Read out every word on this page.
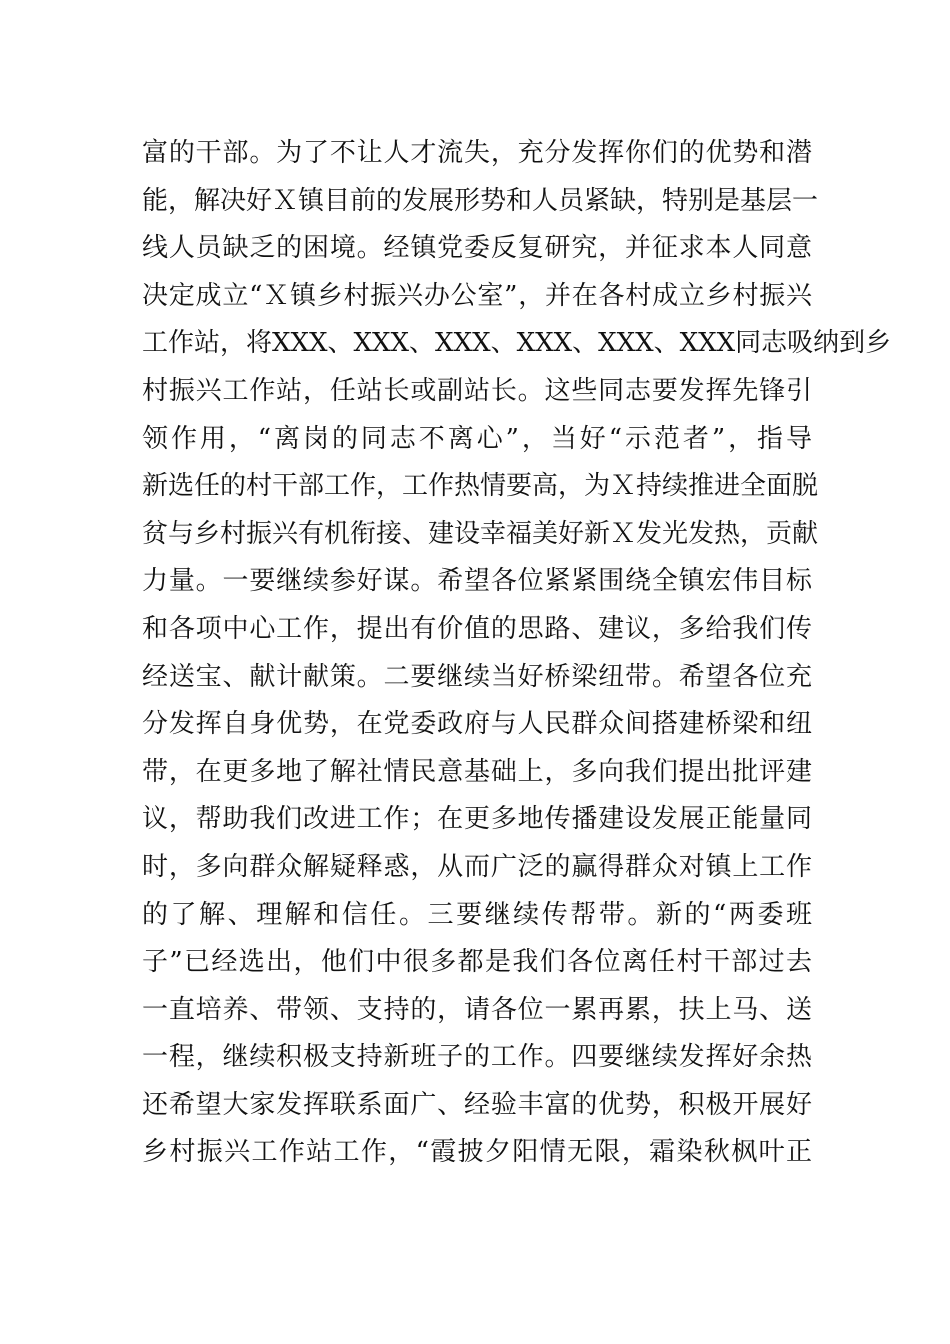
富的干部。为了不让人才流失，充分发挥你们的优势和潜
能，解决好Ｘ镇目前的发展形势和人员紧缺，特别是基层一
线人员缺乏的困境。经镇党委反复研究，并征求本人同意
决定成立“Ｘ镇乡村振兴办公室”，并在各村成立乡村振兴
工作站，将XXX、XXX、XXX、XXX、XXX、XXX同志吸纳到乡
村振兴工作站，任站长或副站长。这些同志要发挥先锋引
领作用，“离岗的同志不离心”，当好“示范者”，指导
新选任的村干部工作，工作热情要高，为Ｘ持续推进全面脱
贫与乡村振兴有机衔接、建设幸福美好新Ｘ发光发热，贡献
力量。一要继续参好谋。希望各位紧紧围绕全镇宏伟目标
和各项中心工作，提出有价值的思路、建议，多给我们传
经送宝、献计献策。二要继续当好桥梁纽带。希望各位充
分发挥自身优势，在党委政府与人民群众间搭建桥梁和纽
带，在更多地了解社情民意基础上，多向我们提出批评建
议，帮助我们改进工作；在更多地传播建设发展正能量同
时，多向群众解疑释惑，从而广泛的赢得群众对镇上工作
的了解、理解和信任。三要继续传帮带。新的“两委班
子”已经选出，他们中很多都是我们各位离任村干部过去
一直培养、带领、支持的，请各位一累再累，扶上马、送
一程，继续积极支持新班子的工作。四要继续发挥好余热
还希望大家发挥联系面广、经验丰富的优势，积极开展好
乡村振兴工作站工作，“霞披夕阳情无限，霜染秋枫叶正
